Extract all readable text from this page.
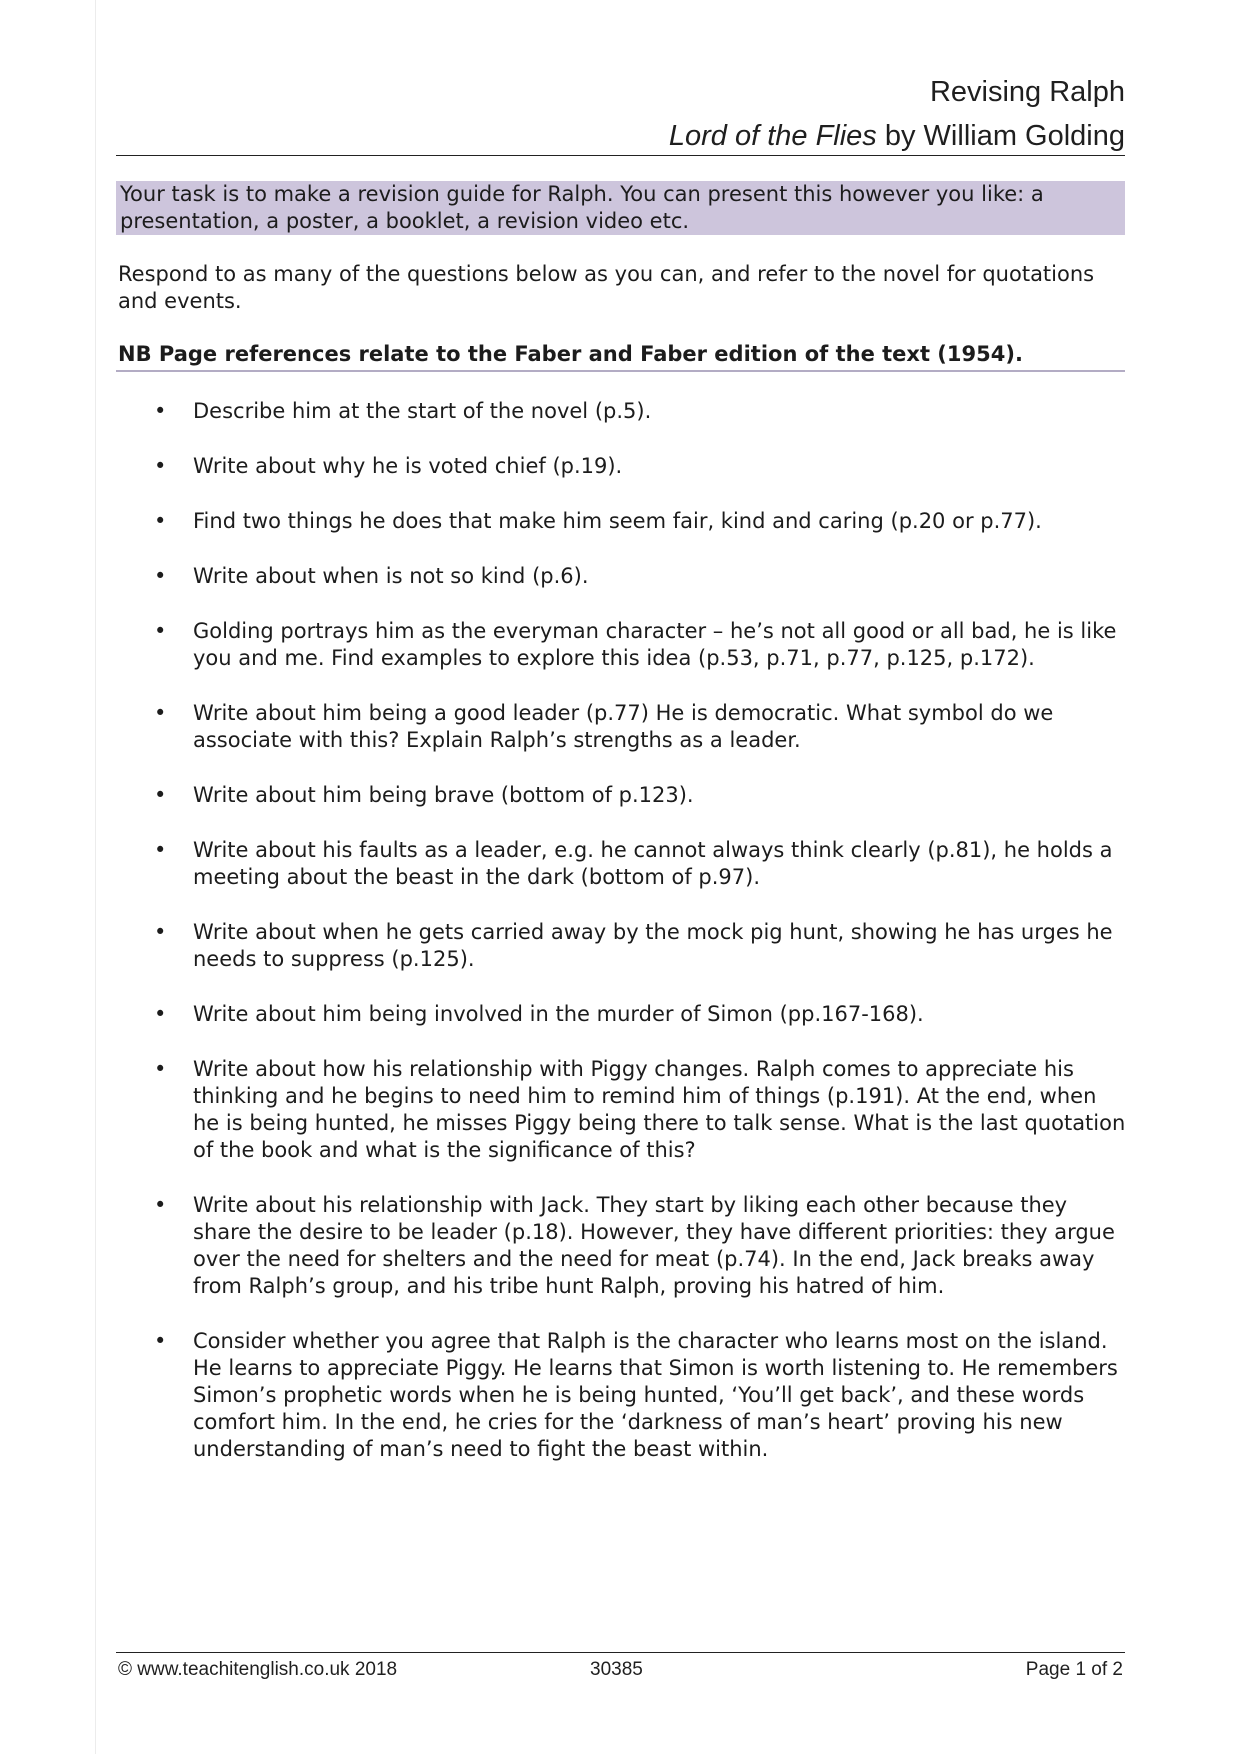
Revising Ralph
Lord of the Flies by William Golding
Your task is to make a revision guide for Ralph. You can present this however you like: a presentation, a poster, a booklet, a revision video etc.
Respond to as many of the questions below as you can, and refer to the novel for quotations and events.
NB Page references relate to the Faber and Faber edition of the text (1954).
• Describe him at the start of the novel (p.5).
• Write about why he is voted chief (p.19).
• Find two things he does that make him seem fair, kind and caring (p.20 or p.77).
• Write about when is not so kind (p.6).
• Golding portrays him as the everyman character – he’s not all good or all bad, he is like you and me. Find examples to explore this idea (p.53, p.71, p.77, p.125, p.172).
• Write about him being a good leader (p.77) He is democratic. What symbol do we associate with this? Explain Ralph’s strengths as a leader.
• Write about him being brave (bottom of p.123).
• Write about his faults as a leader, e.g. he cannot always think clearly (p.81), he holds a meeting about the beast in the dark (bottom of p.97).
• Write about when he gets carried away by the mock pig hunt, showing he has urges he needs to suppress (p.125).
• Write about him being involved in the murder of Simon (pp.167-168).
• Write about how his relationship with Piggy changes. Ralph comes to appreciate his thinking and he begins to need him to remind him of things (p.191). At the end, when he is being hunted, he misses Piggy being there to talk sense. What is the last quotation of the book and what is the significance of this?
• Write about his relationship with Jack. They start by liking each other because they share the desire to be leader (p.18). However, they have different priorities: they argue over the need for shelters and the need for meat (p.74). In the end, Jack breaks away from Ralph’s group, and his tribe hunt Ralph, proving his hatred of him.
• Consider whether you agree that Ralph is the character who learns most on the island. He learns to appreciate Piggy. He learns that Simon is worth listening to. He remembers Simon’s prophetic words when he is being hunted, ‘You’ll get back’, and these words comfort him. In the end, he cries for the ‘darkness of man’s heart’ proving his new understanding of man’s need to fight the beast within.
© www.teachitenglish.co.uk 2018	30385	Page 1 of 2
